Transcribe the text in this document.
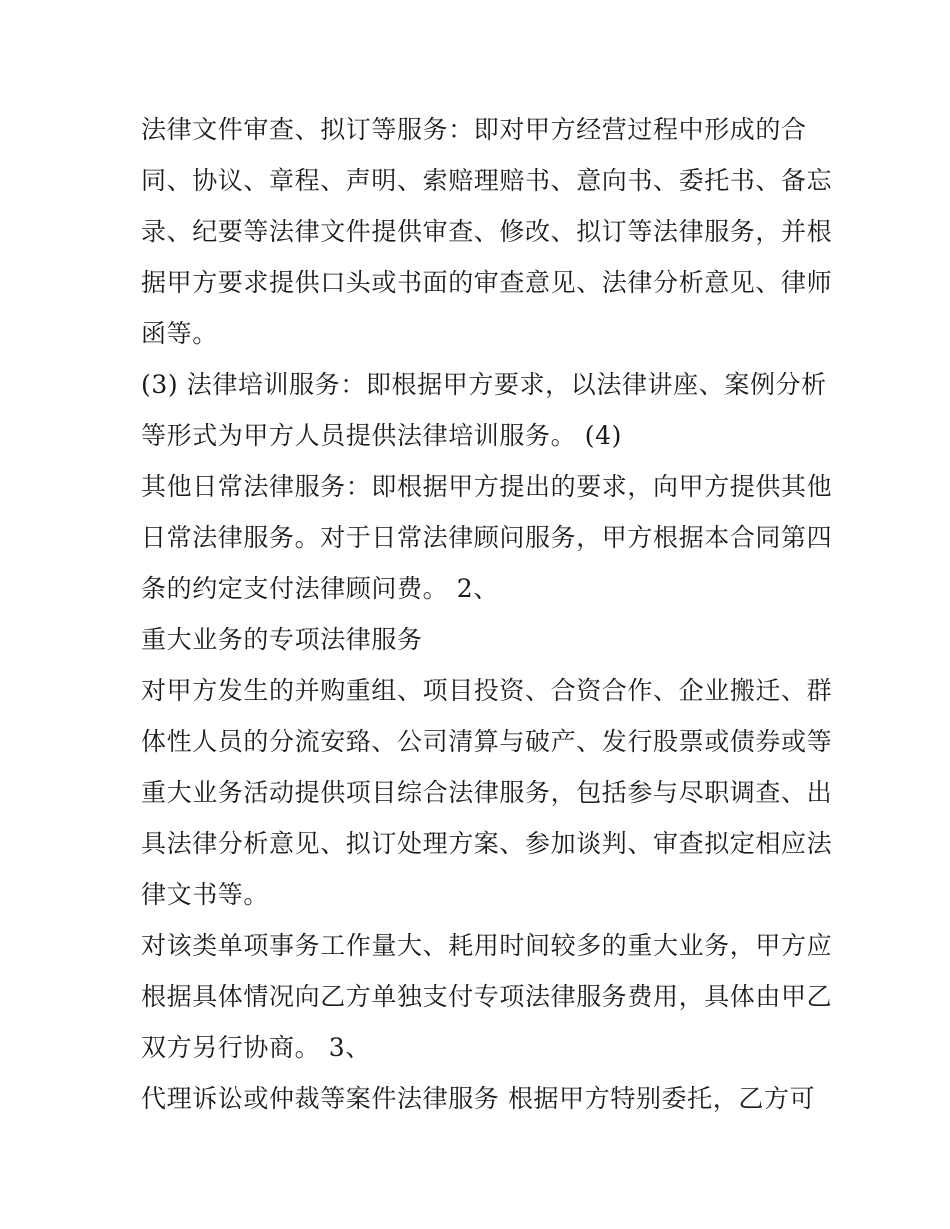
法律文件审查、拟订等服务：即对甲方经营过程中形成的合
同、协议、章程、声明、索赔理赔书、意向书、委托书、备忘
录、纪要等法律文件提供审查、修改、拟订等法律服务，并根
据甲方要求提供口头或书面的审查意见、法律分析意见、律师
函等。
(3) 法律培训服务：即根据甲方要求，以法律讲座、案例分析
等形式为甲方人员提供法律培训服务。 (4)
其他日常法律服务：即根据甲方提出的要求，向甲方提供其他
日常法律服务。对于日常法律顾问服务，甲方根据本合同第四
条的约定支付法律顾问费。 2、
重大业务的专项法律服务
对甲方发生的并购重组、项目投资、合资合作、企业搬迁、群
体性人员的分流安臵、公司清算与破产、发行股票或债券或等
重大业务活动提供项目综合法律服务，包括参与尽职调查、出
具法律分析意见、拟订处理方案、参加谈判、审查拟定相应法
律文书等。
对该类单项事务工作量大、耗用时间较多的重大业务，甲方应
根据具体情况向乙方单独支付专项法律服务费用，具体由甲乙
双方另行协商。 3、
代理诉讼或仲裁等案件法律服务 根据甲方特别委托，乙方可
